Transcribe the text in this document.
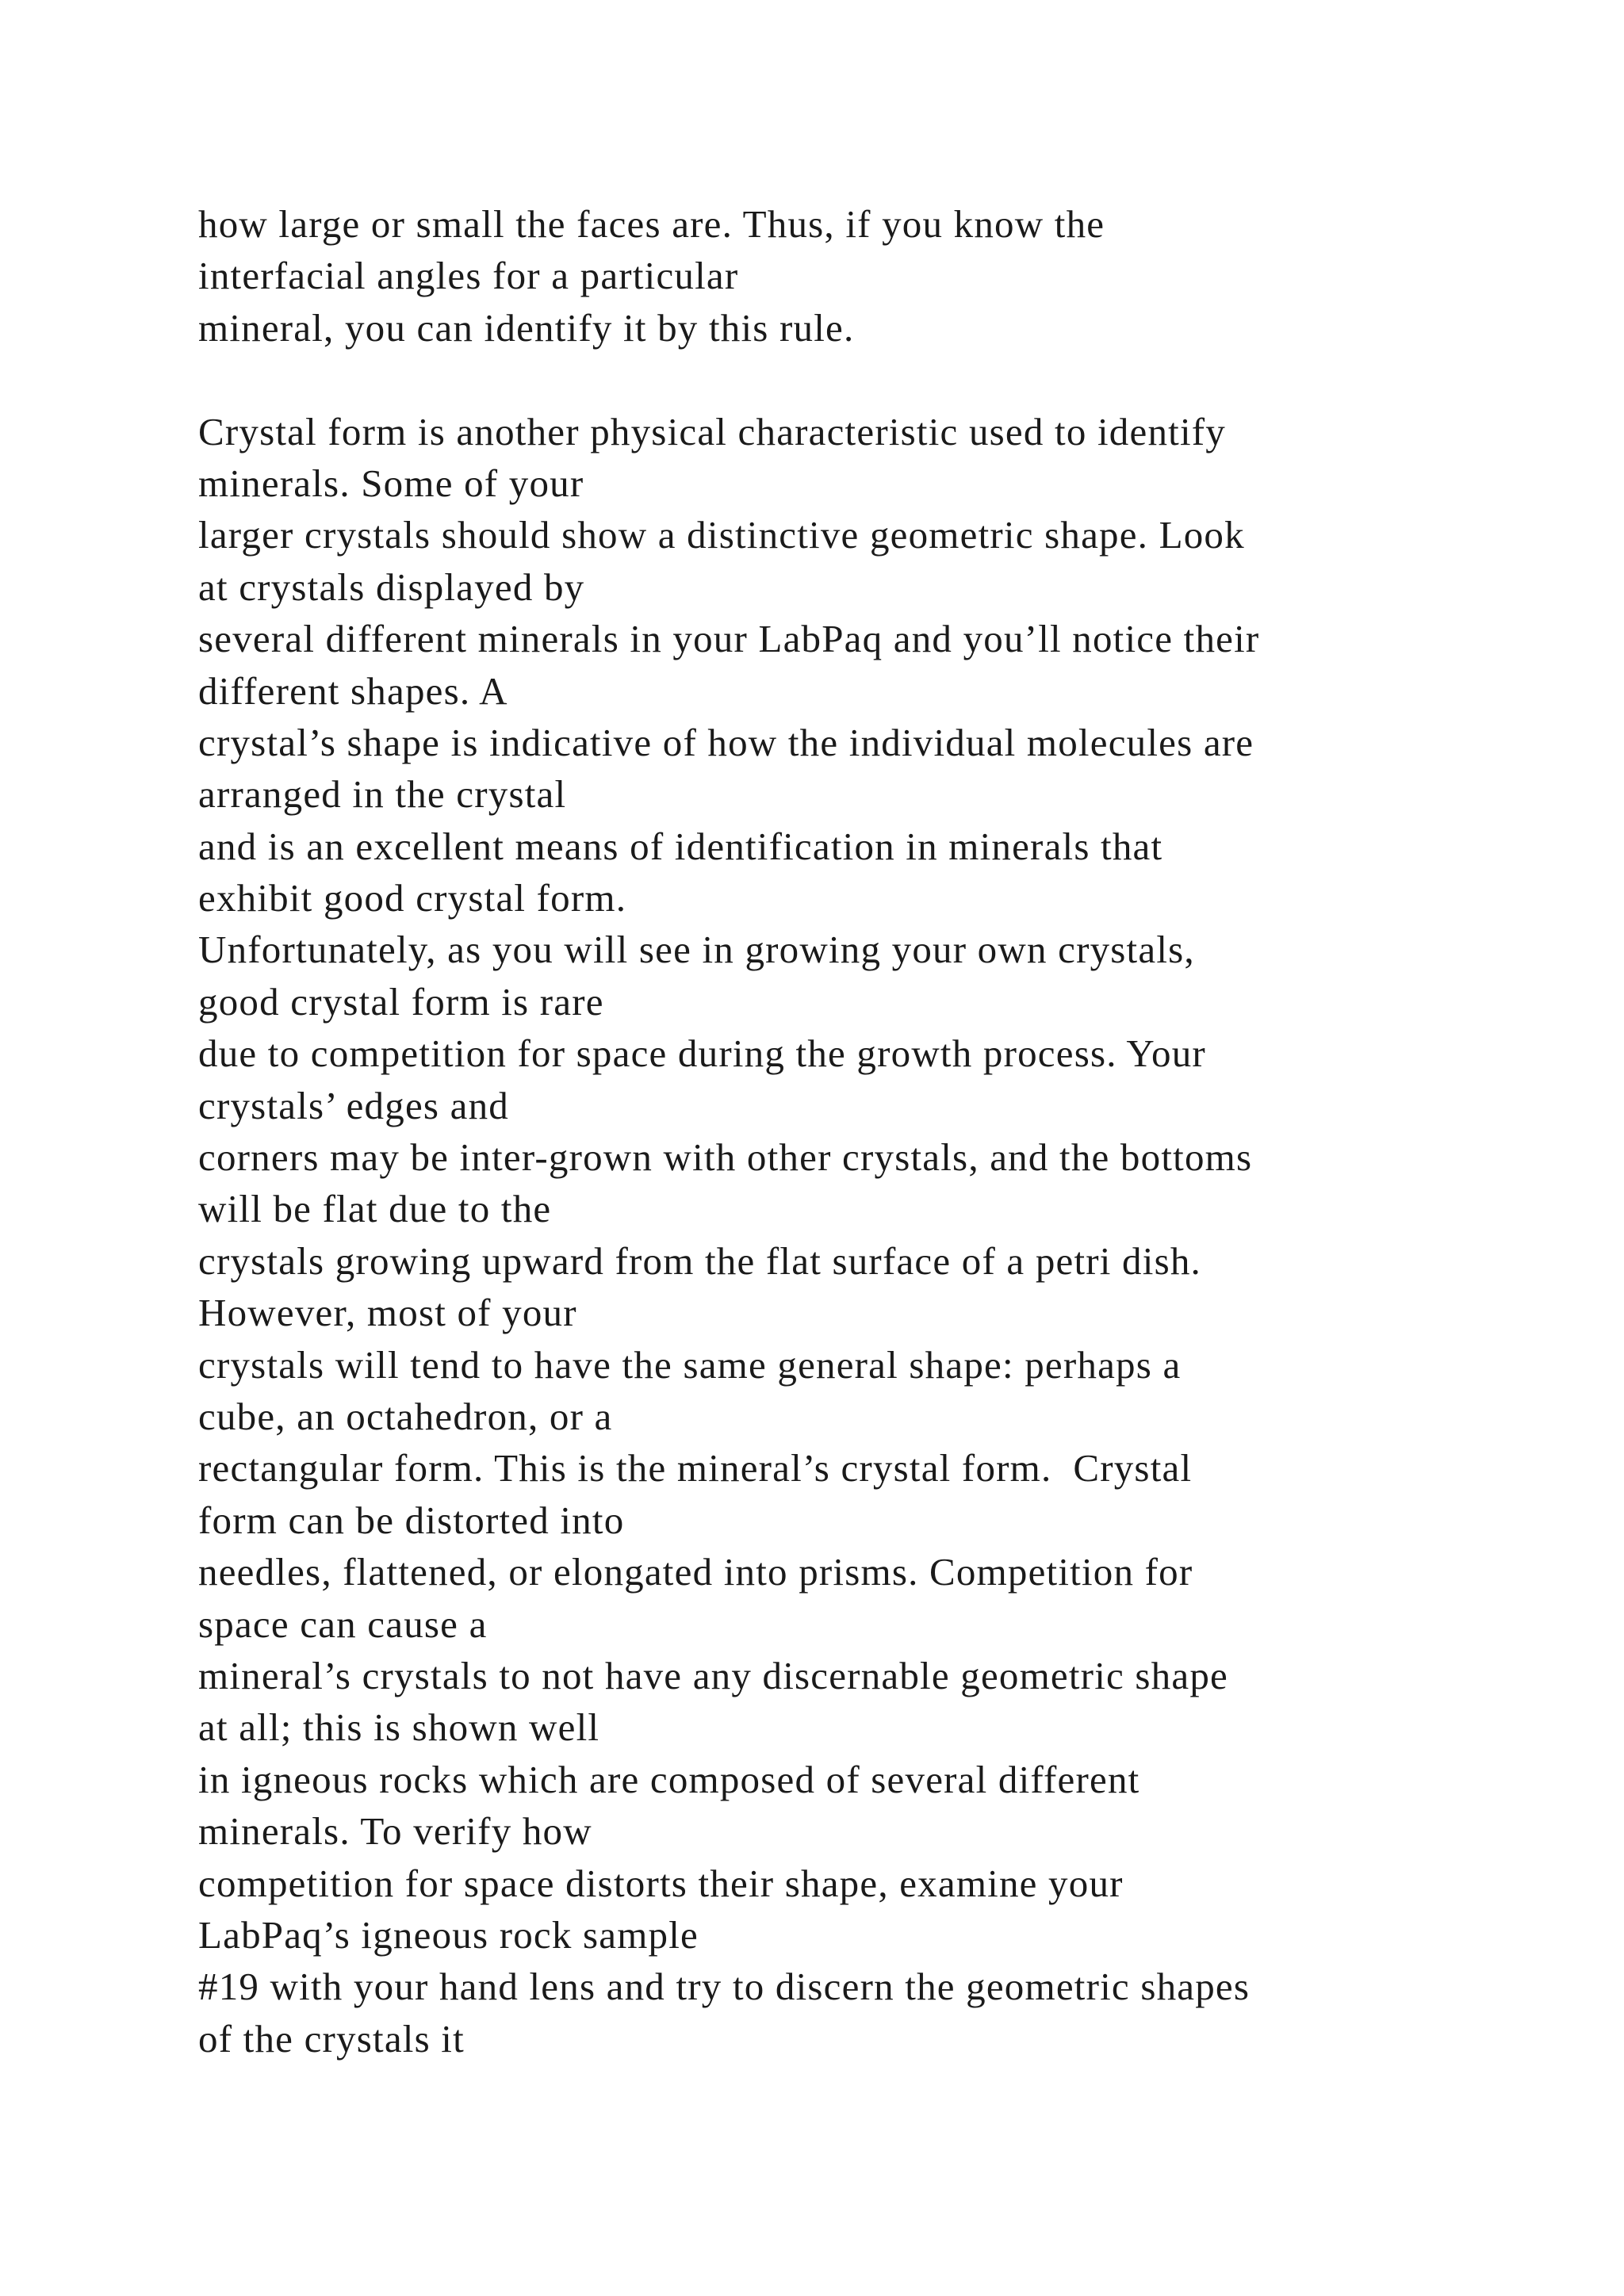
how large or small the faces are. Thus, if you know the
interfacial angles for a particular
mineral, you can identify it by this rule.
Crystal form is another physical characteristic used to identify
minerals. Some of your
larger crystals should show a distinctive geometric shape. Look
at crystals displayed by
several different minerals in your LabPaq and you’ll notice their
different shapes. A
crystal’s shape is indicative of how the individual molecules are
arranged in the crystal
and is an excellent means of identification in minerals that
exhibit good crystal form.
Unfortunately, as you will see in growing your own crystals,
good crystal form is rare
due to competition for space during the growth process. Your
crystals’ edges and
corners may be inter-grown with other crystals, and the bottoms
will be flat due to the
crystals growing upward from the flat surface of a petri dish.
However, most of your
crystals will tend to have the same general shape: perhaps a
cube, an octahedron, or a
rectangular form. This is the mineral’s crystal form.  Crystal
form can be distorted into
needles, flattened, or elongated into prisms. Competition for
space can cause a
mineral’s crystals to not have any discernable geometric shape
at all; this is shown well
in igneous rocks which are composed of several different
minerals. To verify how
competition for space distorts their shape, examine your
LabPaq’s igneous rock sample
#19 with your hand lens and try to discern the geometric shapes
of the crystals it
